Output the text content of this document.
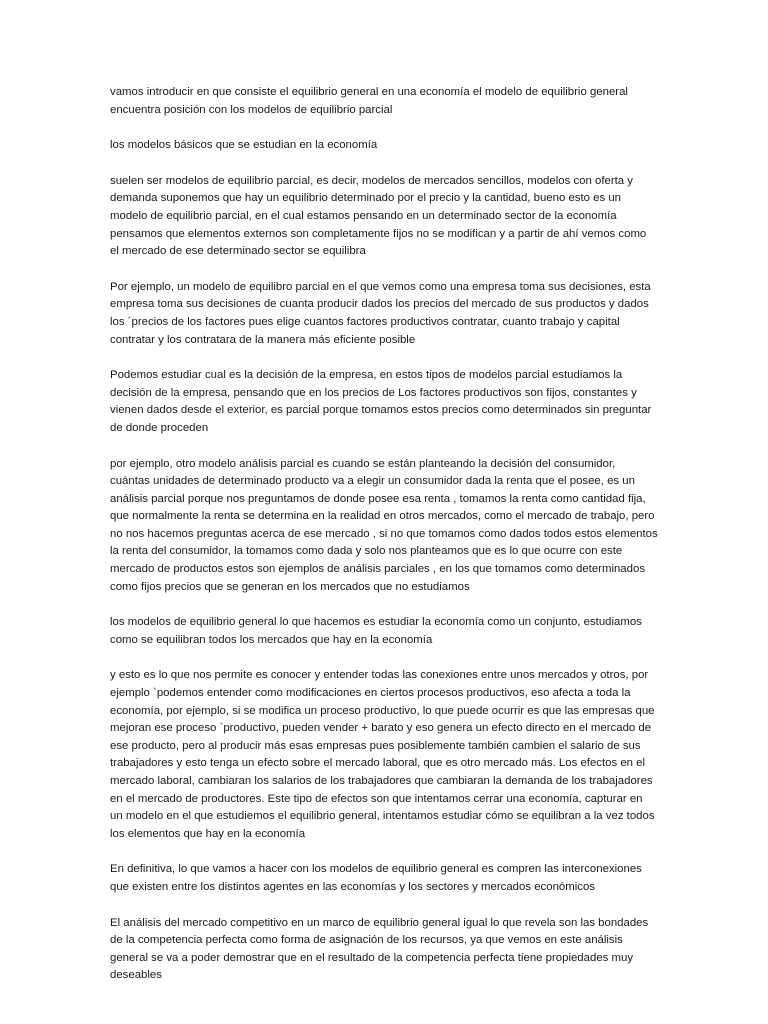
vamos introducir en que consiste el equilibrio general en una economía el modelo de equilibrio general encuentra posición con los modelos de equilibrio parcial

los modelos básicos que se estudian en la economía

suelen ser modelos de equilibrio parcial, es decir, modelos de mercados sencillos, modelos con oferta y demanda suponemos que hay un equilibrio determinado por el precio y la cantidad, bueno esto es un modelo de equilibrio parcial, en el cual estamos pensando en un determinado sector de la economía pensamos que elementos externos son completamente fijos no se modifican y a partir de ahí vemos como el mercado de ese determinado sector se equilibra

Por ejemplo, un modelo de equilibro parcial en el que vemos como una empresa toma sus decisiones, esta empresa toma sus decisiones de cuanta producir dados los precios del mercado de sus productos y dados los ´precios de los factores pues elige cuantos factores productivos contratar, cuanto trabajo y capital contratar y los contratara de la manera más eficiente posible

Podemos estudiar cual es la decisión de la empresa, en estos tipos de modelos parcial estudiamos la decisión de la empresa, pensando que en los precios de Los factores productivos son fijos, constantes y vienen dados desde el exterior, es parcial porque tomamos estos precios como determinados sin preguntar de donde proceden

por ejemplo, otro modelo análisis parcial es cuando se están planteando la decisión del consumidor, cuántas unidades de determinado producto va a elegir un consumidor dada la renta que el posee, es un análisis parcial porque nos preguntamos de donde posee esa renta , tomamos la renta como cantidad fija, que normalmente la renta se determina en la realidad en otros mercados, como el mercado de trabajo, pero no nos hacemos preguntas acerca de ese mercado , si no que tomamos como dados todos estos elementos la renta del consumidor, la tomamos como dada y solo nos planteamos que es lo que ocurre con este mercado de productos estos son ejemplos de análisis parciales , en los que tomamos como determinados como fijos precios que se generan en los mercados que no estudiamos

los modelos de equilibrio general lo que hacemos es estudiar la economía como un conjunto, estudiamos como se equilibran todos los mercados que hay en la economía

y esto es lo que nos permite es conocer y entender todas las conexiones entre unos mercados y otros, por ejemplo `podemos entender como modificaciones en ciertos procesos productivos, eso afecta a toda la economía, por ejemplo, si se modifica un proceso productivo, lo que puede ocurrir es que las empresas que mejoran ese proceso `productivo, pueden vender + barato y eso genera un efecto directo en el mercado de ese producto, pero al producir más esas empresas pues posiblemente también cambien el salario de sus trabajadores y esto tenga un efecto sobre el mercado laboral, que es otro mercado más. Los efectos en el mercado laboral, cambiaran los salarios de los trabajadores que cambiaran la demanda de los trabajadores en el mercado de productores. Este tipo de efectos son que intentamos cerrar una economía, capturar en un modelo en el que estudiemos el equilibrio general, intentamos estudiar cómo se equilibran a la vez todos los elementos que hay en la economía

En definitiva, lo que vamos a hacer con los modelos de equilibrio general es compren las interconexiones que existen entre los distintos agentes en las economías y los sectores y mercados económicos

El análisis del mercado competitivo en un marco de equilibrio general igual lo que revela son las bondades de la competencia perfecta como forma de asignación de los recursos, ya que vemos en este análisis general se va a poder demostrar que en el resultado de la competencia perfecta tiene propiedades muy deseables
